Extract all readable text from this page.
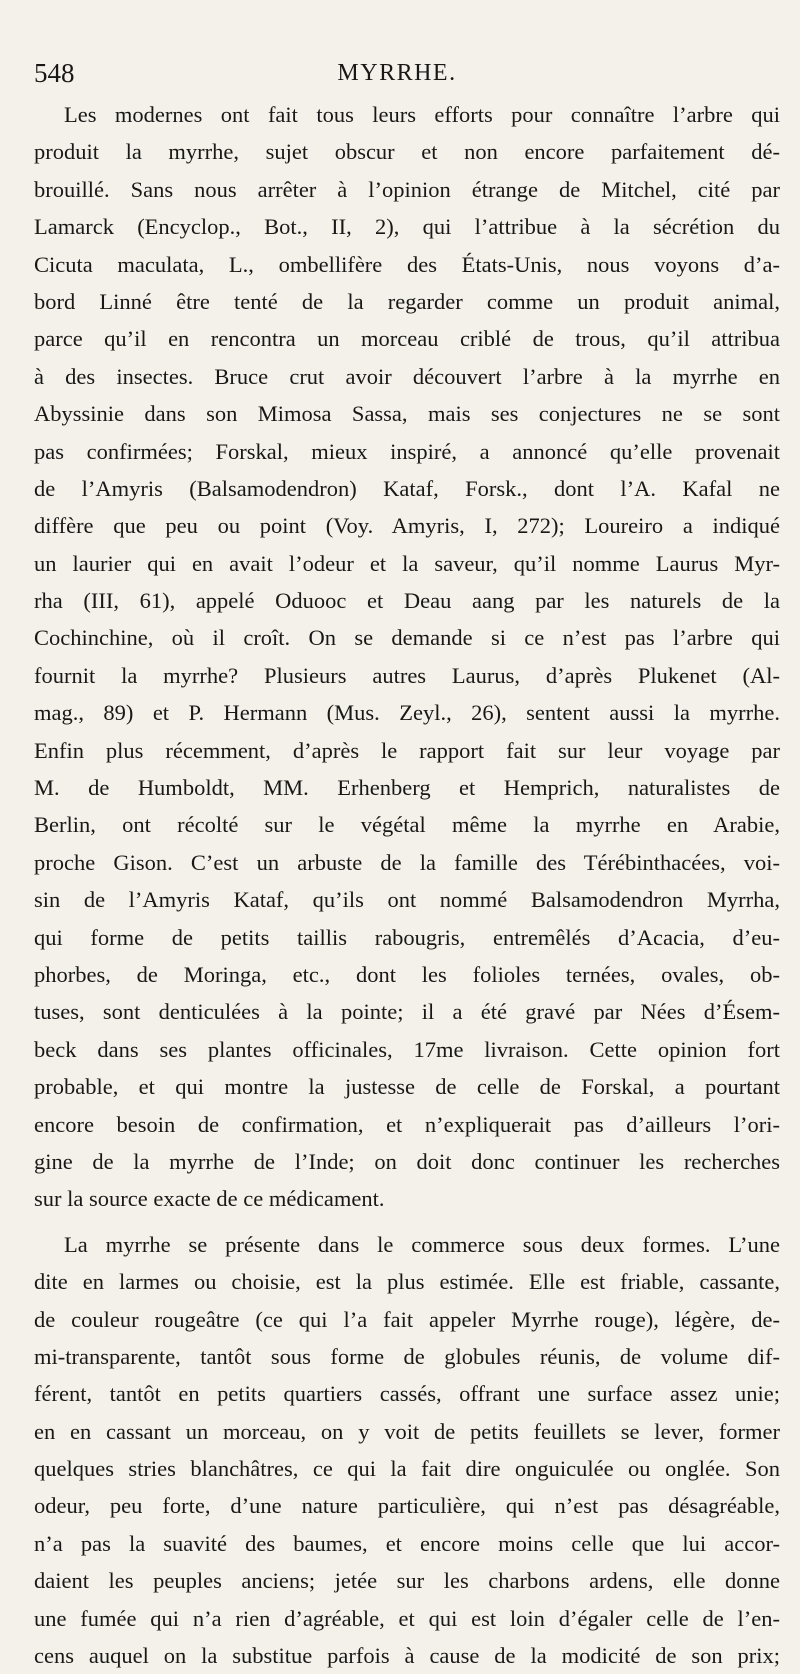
548	MYRRHE.
Les modernes ont fait tous leurs efforts pour connaître l’arbre qui
produit la myrrhe, sujet obscur et non encore parfaitement dé-
brouillé. Sans nous arrêter à l’opinion étrange de Mitchel, cité par
Lamarck (Encyclop., Bot., II, 2), qui l’attribue à la sécrétion du
Cicuta maculata, L., ombellifère des États-Unis, nous voyons d’a-
bord Linné être tenté de la regarder comme un produit animal,
parce qu’il en rencontra un morceau criblé de trous, qu’il attribua
à des insectes. Bruce crut avoir découvert l’arbre à la myrrhe en
Abyssinie dans son Mimosa Sassa, mais ses conjectures ne se sont
pas confirmées; Forskal, mieux inspiré, a annoncé qu’elle provenait
de l’Amyris (Balsamodendron) Kataf, Forsk., dont l’A. Kafal ne
diffère que peu ou point (Voy. Amyris, I, 272); Loureiro a indiqué
un laurier qui en avait l’odeur et la saveur, qu’il nomme Laurus Myr-
rha (III, 61), appelé Oduooc et Deau aang par les naturels de la
Cochinchine, où il croît. On se demande si ce n’est pas l’arbre qui
fournit la myrrhe? Plusieurs autres Laurus, d’après Plukenet (Al-
mag., 89) et P. Hermann (Mus. Zeyl., 26), sentent aussi la myrrhe.
Enfin plus récemment, d’après le rapport fait sur leur voyage par
M. de Humboldt, MM. Erhenberg et Hemprich, naturalistes de
Berlin, ont récolté sur le végétal même la myrrhe en Arabie,
proche Gison. C’est un arbuste de la famille des Térébinthacées, voi-
sin de l’Amyris Kataf, qu’ils ont nommé Balsamodendron Myrrha,
qui forme de petits taillis rabougris, entremêlés d’Acacia, d’eu-
phorbes, de Moringa, etc., dont les folioles ternées, ovales, ob-
tuses, sont denticulées à la pointe; il a été gravé par Nées d’Ésem-
beck dans ses plantes officinales, 17me livraison. Cette opinion fort
probable, et qui montre la justesse de celle de Forskal, a pourtant
encore besoin de confirmation, et n’expliquerait pas d’ailleurs l’ori-
gine de la myrrhe de l’Inde; on doit donc continuer les recherches
sur la source exacte de ce médicament.
La myrrhe se présente dans le commerce sous deux formes. L’une
dite en larmes ou choisie, est la plus estimée. Elle est friable, cassante,
de couleur rougeâtre (ce qui l’a fait appeler Myrrhe rouge), légère, de-
mi-transparente, tantôt sous forme de globules réunis, de volume dif-
férent, tantôt en petits quartiers cassés, offrant une surface assez unie;
en en cassant un morceau, on y voit de petits feuillets se lever, former
quelques stries blanchâtres, ce qui la fait dire onguiculée ou onglée. Son
odeur, peu forte, d’une nature particulière, qui n’est pas désagréable,
n’a pas la suavité des baumes, et encore moins celle que lui accor-
daient les peuples anciens; jetée sur les charbons ardens, elle donne
une fumée qui n’a rien d’agréable, et qui est loin d’égaler celle de l’en-
cens auquel on la substitue parfois à cause de la modicité de son prix;
